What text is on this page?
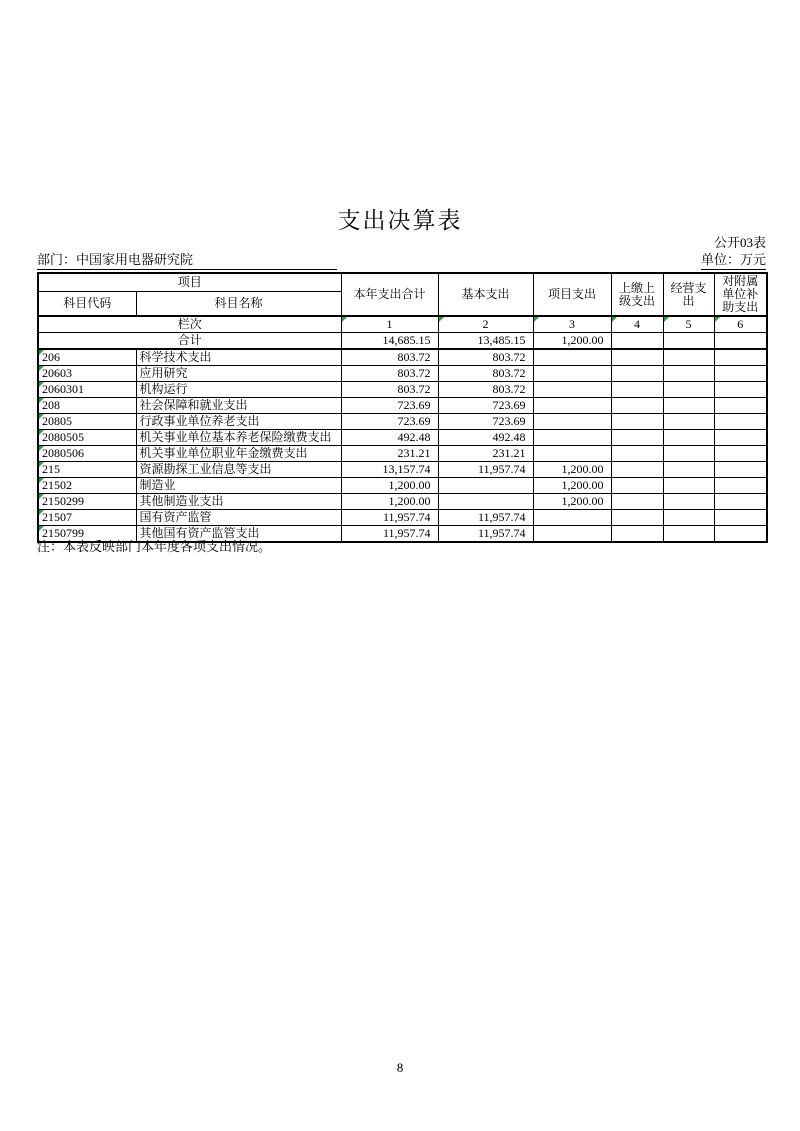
支出决算表
公开03表
部门：中国家用电器研究院	单位：万元
项目		本年支出合计	基本支出	项目支出	上缴上级支出	经营支出	对附属单位补助支出
科目代码	科目名称						
栏次		1	2	3	4	5	6
合计		14,685.15	13,485.15	1,200.00			
206	科学技术支出	803.72	803.72				
20603	应用研究	803.72	803.72				
2060301	机构运行	803.72	803.72				
208	社会保障和就业支出	723.69	723.69				
20805	行政事业单位养老支出	723.69	723.69				
2080505	机关事业单位基本养老保险缴费支出	492.48	492.48				
2080506	机关事业单位职业年金缴费支出	231.21	231.21				
215	资源勘探工业信息等支出	13,157.74	11,957.74	1,200.00			
21502	制造业	1,200.00		1,200.00			
2150299	其他制造业支出	1,200.00		1,200.00			
21507	国有资产监管	11,957.74	11,957.74				
2150799	其他国有资产监管支出	11,957.74	11,957.74				
注：本表反映部门本年度各项支出情况。
8
